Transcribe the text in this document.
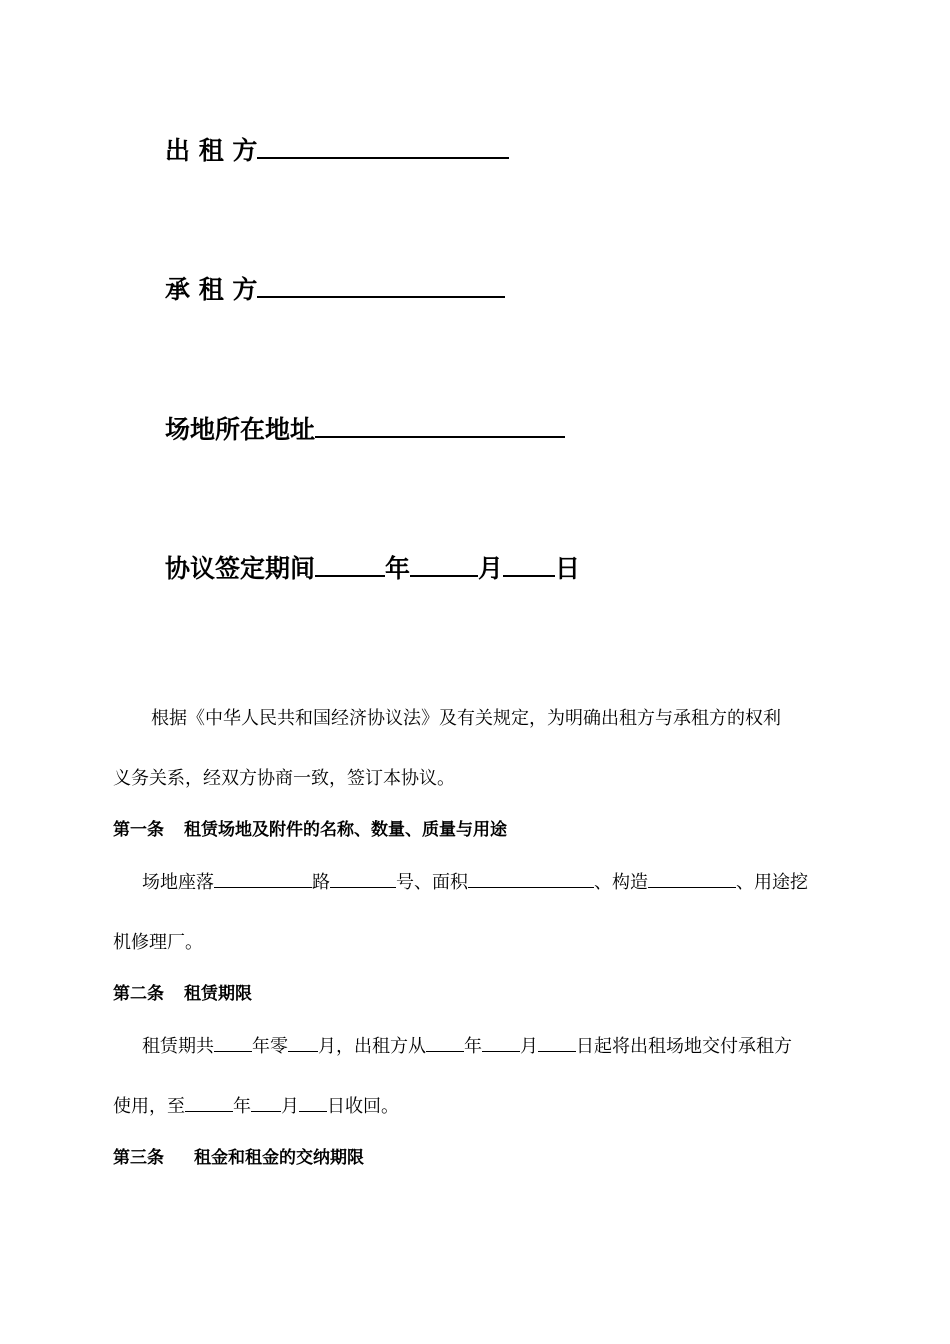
出 租 方
承 租 方
场地所在地址
协议签定期间	年	月 日
根据《中华人民共和国经济协议法》及有关规定，为明确出租方与承租方的权利
义务关系，经双方协商一致，签订本协议。
第一条 租赁场地及附件的名称、数量、质量与用途
场地座落	路	号、面积	、构造	、用途挖
机修理厂。
第二条 租赁期限
租赁期共 年零 月，出租方从 年 月 日起将出租场地交付承租方
使用，至	年 月 日收回。
第三条 租金和租金的交纳期限
